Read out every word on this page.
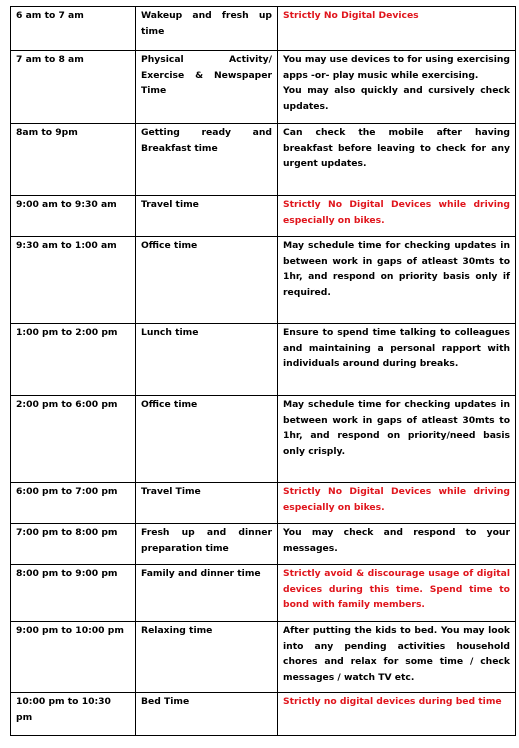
6 am to 7 am	Wakeup and fresh up time	Strictly No Digital Devices
7 am to 8 am	Physical Activity/ Exercise & Newspaper Time	You may use devices to for using exercising apps -or- play music while exercising.
You may also quickly and cursively check updates.

8am to 9pm	Getting ready and Breakfast time	Can check the mobile after having breakfast before leaving to check for any urgent updates.
9:00 am to 9:30 am	Travel time	Strictly No Digital Devices while driving especially on bikes.
9:30 am to 1:00 am	Office time	May schedule time for checking updates in between work in gaps of atleast 30mts to 1hr, and respond on priority basis only if required.
1:00 pm to 2:00 pm	Lunch time	Ensure to spend time talking to colleagues and maintaining a personal rapport with individuals around during breaks.
2:00 pm to 6:00 pm	Office time	May schedule time for checking updates in between work in gaps of atleast 30mts to 1hr, and respond on priority/need basis only crisply.
6:00 pm to 7:00 pm	Travel Time	Strictly No Digital Devices while driving especially on bikes.
7:00 pm to 8:00 pm	Fresh up and dinner preparation time	You may check and respond to your messages.
8:00 pm to 9:00 pm	Family and dinner time	Strictly avoid & discourage usage of digital devices during this time. Spend time to bond with family members.
9:00 pm to 10:00 pm	Relaxing time	After putting the kids to bed. You may look into any pending activities household chores and relax for some time / check messages / watch TV etc.
10:00 pm to 10:30 pm	Bed Time	Strictly no digital devices during bed time
